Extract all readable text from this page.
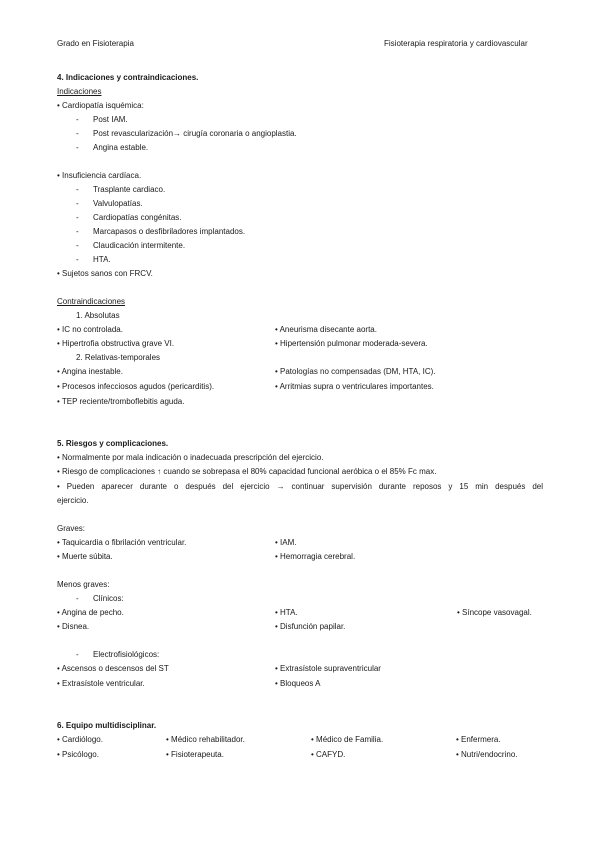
Grado en Fisioterapia	Fisioterapia respiratoria y cardiovascular
4. Indicaciones y contraindicaciones.
Indicaciones
• Cardiopatía isquémica:
- Post IAM.
- Post revascularización→ cirugía coronaria o angioplastia.
- Angina estable.
• Insuficiencia cardíaca.
- Trasplante cardiaco.
- Valvulopatías.
- Cardiopatías congénitas.
- Marcapasos o desfibriladores implantados.
- Claudicación intermitente.
- HTA.
• Sujetos sanos con FRCV.
Contraindicaciones
1. Absolutas
• IC no controlada.
• Hipertrofia obstructiva grave VI.
• Aneurisma disecante aorta.
• Hipertensión pulmonar moderada-severa.
2. Relativas-temporales
• Angina inestable.
• Procesos infecciosos agudos (pericarditis).
• TEP reciente/tromboflebitis aguda.
• Patologías no compensadas (DM, HTA, IC).
• Arritmias supra o ventriculares importantes.
5. Riesgos y complicaciones.
• Normalmente por mala indicación o inadecuada prescripción del ejercicio.
• Riesgo de complicaciones ↑ cuando se sobrepasa el 80% capacidad funcional aeróbica o el 85% Fc max.
• Pueden aparecer durante o después del ejercicio → continuar supervisión durante reposos y 15 min después del
ejercicio.
Graves:
• Taquicardia o fibrilación ventricular.
• Muerte súbita.
• IAM.
• Hemorragia cerebral.
Menos graves:
- Clínicos:
• Angina de pecho.
• Disnea.
• HTA.
• Disfunción papilar.
• Síncope vasovagal.
- Electrofisiológicos:
• Ascensos o descensos del ST
• Extrasístole ventricular.
• Extrasístole supraventricular
• Bloqueos A
6. Equipo multidisciplinar.
• Cardiólogo.
• Psicólogo.
• Médico rehabilitador.
• Fisioterapeuta.
• Médico de Familia.
• CAFYD.
• Enfermera.
• Nutri/endocrino.
